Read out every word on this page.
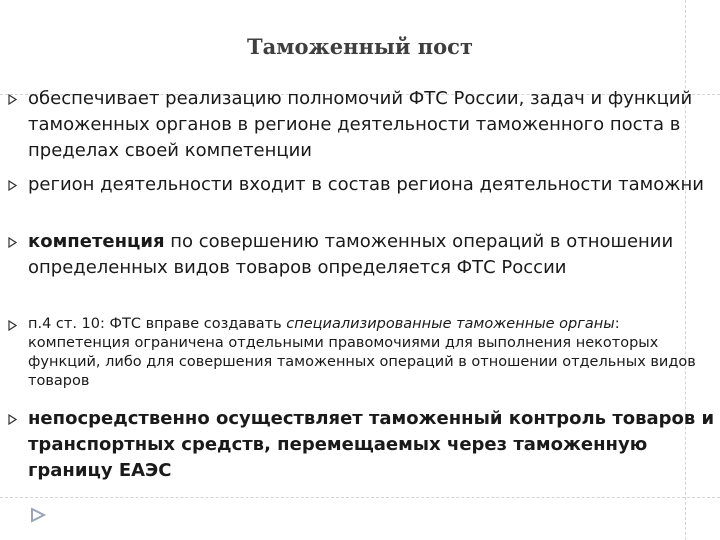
Таможенный пост
обеспечивает реализацию полномочий ФТС России, задач и функций таможенных органов в регионе деятельности таможенного поста в пределах своей компетенции
регион деятельности входит в состав региона деятельности таможни
компетенция по совершению таможенных операций в отношении определенных видов товаров определяется ФТС России
п.4 ст. 10: ФТС вправе создавать специализированные таможенные органы: компетенция ограничена отдельными правомочиями для выполнения некоторых функций, либо для совершения таможенных операций в отношении отдельных видов товаров
непосредственно осуществляет таможенный контроль товаров и транспортных средств, перемещаемых через таможенную границу ЕАЭС
